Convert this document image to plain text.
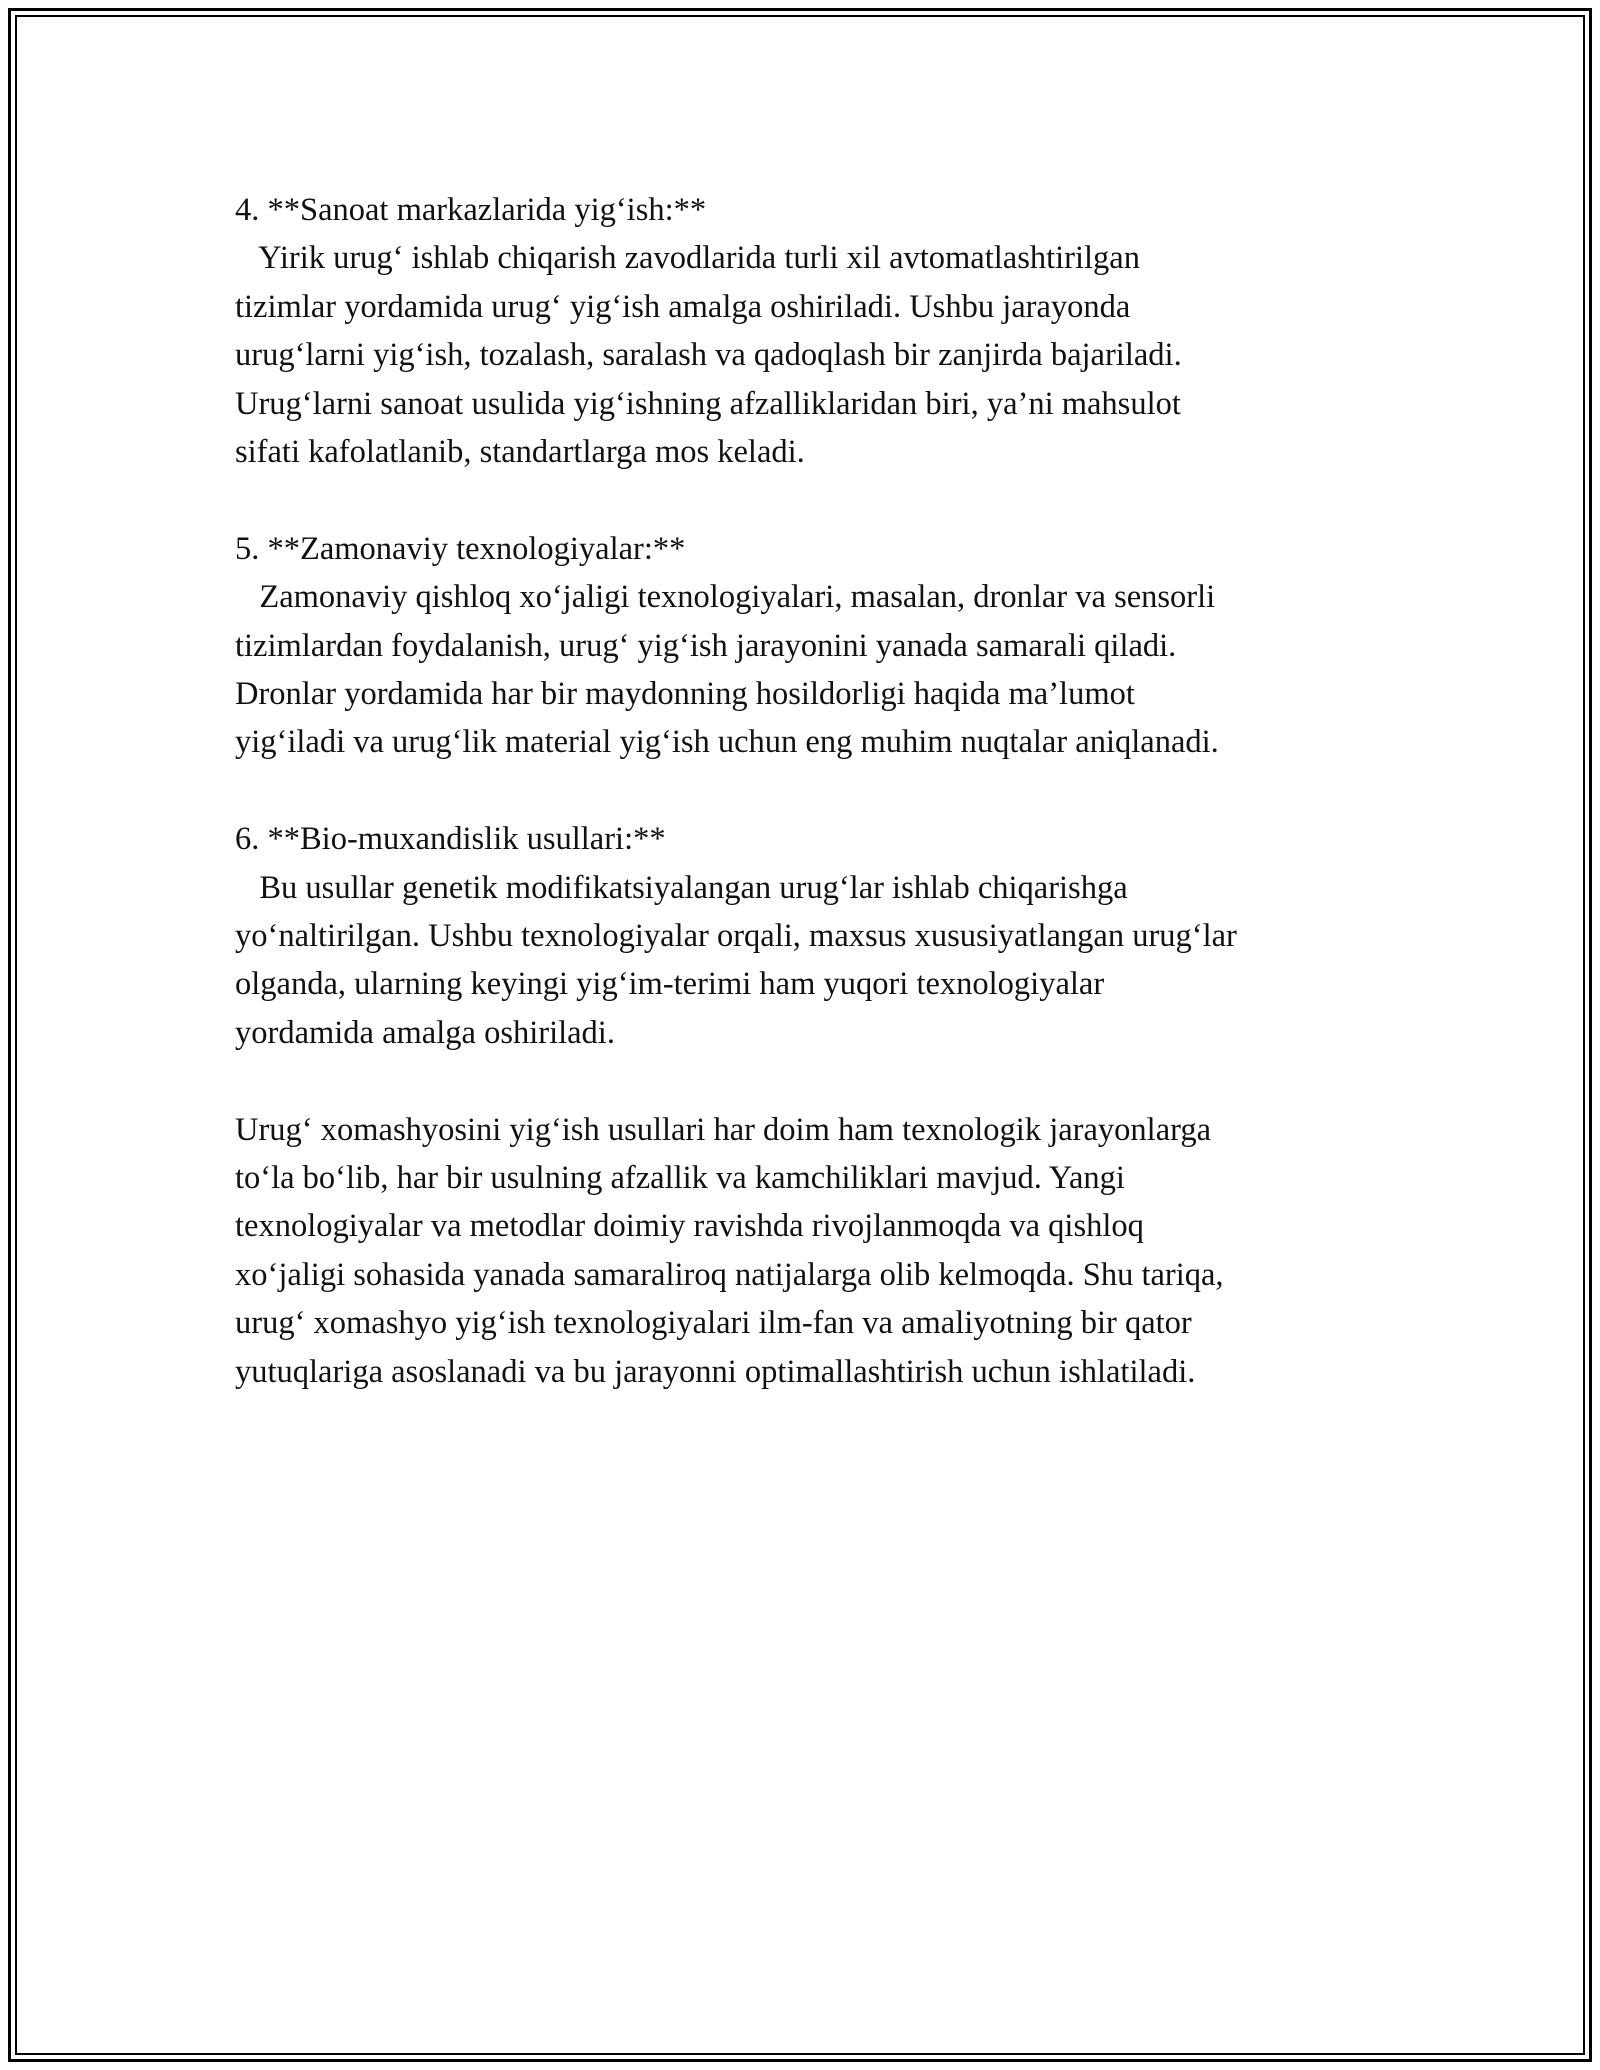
4. **Sanoat markazlarida yig‘ish:**
Yirik urug‘ ishlab chiqarish zavodlarida turli xil avtomatlashtirilgan
tizimlar yordamida urug‘ yig‘ish amalga oshiriladi. Ushbu jarayonda
urug‘larni yig‘ish, tozalash, saralash va qadoqlash bir zanjirda bajariladi.
Urug‘larni sanoat usulida yig‘ishning afzalliklaridan biri, ya’ni mahsulot
sifati kafolatlanib, standartlarga mos keladi.
5. **Zamonaviy texnologiyalar:**
Zamonaviy qishloq xo‘jaligi texnologiyalari, masalan, dronlar va sensorli
tizimlardan foydalanish, urug‘ yig‘ish jarayonini yanada samarali qiladi.
Dronlar yordamida har bir maydonning hosildorligi haqida ma’lumot
yig‘iladi va urug‘lik material yig‘ish uchun eng muhim nuqtalar aniqlanadi.
6. **Bio-muxandislik usullari:**
Bu usullar genetik modifikatsiyalangan urug‘lar ishlab chiqarishga
yo‘naltirilgan. Ushbu texnologiyalar orqali, maxsus xususiyatlangan urug‘lar
olganda, ularning keyingi yig‘im-terimi ham yuqori texnologiyalar
yordamida amalga oshiriladi.
Urug‘ xomashyosini yig‘ish usullari har doim ham texnologik jarayonlarga
to‘la bo‘lib, har bir usulning afzallik va kamchiliklari mavjud. Yangi
texnologiyalar va metodlar doimiy ravishda rivojlanmoqda va qishloq
xo‘jaligi sohasida yanada samaraliroq natijalarga olib kelmoqda. Shu tariqa,
urug‘ xomashyo yig‘ish texnologiyalari ilm-fan va amaliyotning bir qator
yutuqlariga asoslanadi va bu jarayonni optimallashtirish uchun ishlatiladi.
